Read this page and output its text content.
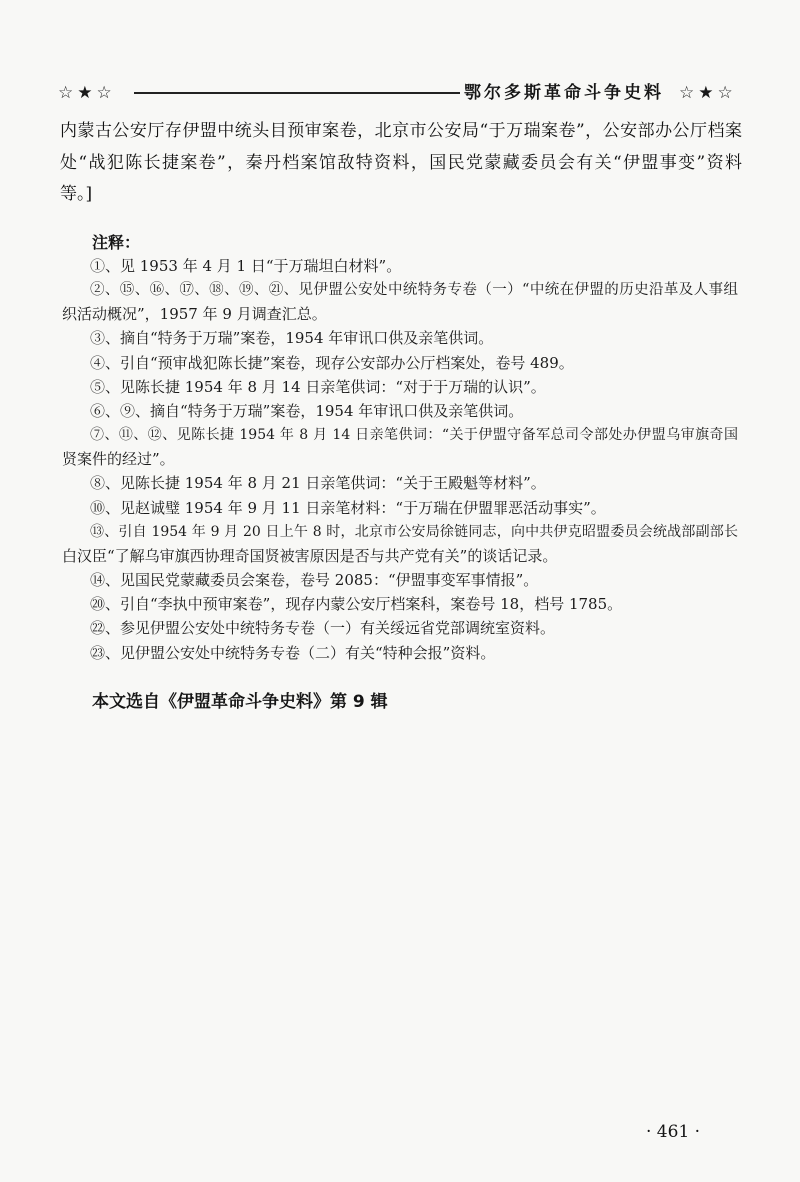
☆★☆	鄂尔多斯革命斗争史料 ☆★☆
内蒙古公安厅存伊盟中统头目预审案卷，北京市公安局“于万瑞案卷”，公安部办公厅档案
处“战犯陈长捷案卷”，秦丹档案馆敌特资料，国民党蒙藏委员会有关“伊盟事变”资料
等。]
注释：
①、见 1953 年 4 月 1 日“于万瑞坦白材料”。
②、⑮、⑯、⑰、⑱、⑲、㉑、见伊盟公安处中统特务专卷（一）“中统在伊盟的历史沿革及人事组
织活动概况”，1957 年 9 月调查汇总。
③、摘自“特务于万瑞”案卷，1954 年审讯口供及亲笔供词。
④、引自“预审战犯陈长捷”案卷，现存公安部办公厅档案处，卷号 489。
⑤、见陈长捷 1954 年 8 月 14 日亲笔供词：“对于于万瑞的认识”。
⑥、⑨、摘自“特务于万瑞”案卷，1954 年审讯口供及亲笔供词。
⑦、⑪、⑫、见陈长捷 1954 年 8 月 14 日亲笔供词：“关于伊盟守备军总司令部处办伊盟乌审旗奇国
贤案件的经过”。
⑧、见陈长捷 1954 年 8 月 21 日亲笔供词：“关于王殿魁等材料”。
⑩、见赵诚璧 1954 年 9 月 11 日亲笔材料：“于万瑞在伊盟罪恶活动事实”。
⑬、引自 1954 年 9 月 20 日上午 8 时，北京市公安局徐链同志，向中共伊克昭盟委员会统战部副部长
白汉臣“了解乌审旗西协理奇国贤被害原因是否与共产党有关”的谈话记录。
⑭、见国民党蒙藏委员会案卷，卷号 2085：“伊盟事变军事情报”。
⑳、引自“李执中预审案卷”，现存内蒙公安厅档案科，案卷号 18，档号 1785。
㉒、参见伊盟公安处中统特务专卷（一）有关绥远省党部调统室资料。
㉓、见伊盟公安处中统特务专卷（二）有关“特种会报”资料。
本文选自《伊盟革命斗争史料》第 9 辑
· 461 ·
